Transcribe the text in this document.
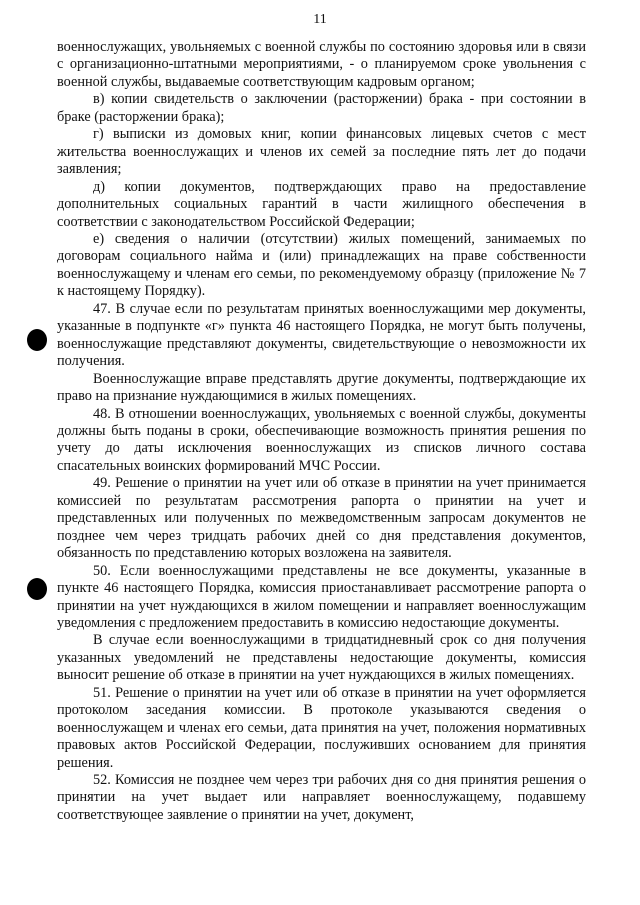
11

военнослужащих, увольняемых с военной службы по состоянию здоровья или в связи с организационно-штатными мероприятиями, - о планируемом сроке увольнения с военной службы, выдаваемые соответствующим кадровым органом;

в) копии свидетельств о заключении (расторжении) брака - при состоянии в браке (расторжении брака);

г) выписки из домовых книг, копии финансовых лицевых счетов с мест жительства военнослужащих и членов их семей за последние пять лет до подачи заявления;

д) копии документов, подтверждающих право на предоставление дополнительных социальных гарантий в части жилищного обеспечения в соответствии с законодательством Российской Федерации;

е) сведения о наличии (отсутствии) жилых помещений, занимаемых по договорам социального найма и (или) принадлежащих на праве собственности военнослужащему и членам его семьи, по рекомендуемому образцу (приложение № 7 к настоящему Порядку).

47. В случае если по результатам принятых военнослужащими мер документы, указанные в подпункте «г» пункта 46 настоящего Порядка, не могут быть получены, военнослужащие представляют документы, свидетельствующие о невозможности их получения.

Военнослужащие вправе представлять другие документы, подтверждающие их право на признание нуждающимися в жилых помещениях.

48. В отношении военнослужащих, увольняемых с военной службы, документы должны быть поданы в сроки, обеспечивающие возможность принятия решения по учету до даты исключения военнослужащих из списков личного состава спасательных воинских формирований МЧС России.

49. Решение о принятии на учет или об отказе в принятии на учет принимается комиссией по результатам рассмотрения рапорта о принятии на учет и представленных или полученных по межведомственным запросам документов не позднее чем через тридцать рабочих дней со дня представления документов, обязанность по представлению которых возложена на заявителя.

50. Если военнослужащими представлены не все документы, указанные в пункте 46 настоящего Порядка, комиссия приостанавливает рассмотрение рапорта о принятии на учет нуждающихся в жилом помещении и направляет военнослужащим уведомления с предложением предоставить в комиссию недостающие документы.

В случае если военнослужащими в тридцатидневный срок со дня получения указанных уведомлений не представлены недостающие документы, комиссия выносит решение об отказе в принятии на учет нуждающихся в жилых помещениях.

51. Решение о принятии на учет или об отказе в принятии на учет оформляется протоколом заседания комиссии. В протоколе указываются сведения о военнослужащем и членах его семьи, дата принятия на учет, положения нормативных правовых актов Российской Федерации, послуживших основанием для принятия решения.

52. Комиссия не позднее чем через три рабочих дня со дня принятия решения о принятии на учет выдает или направляет военнослужащему, подавшему соответствующее заявление о принятии на учет, документ,
